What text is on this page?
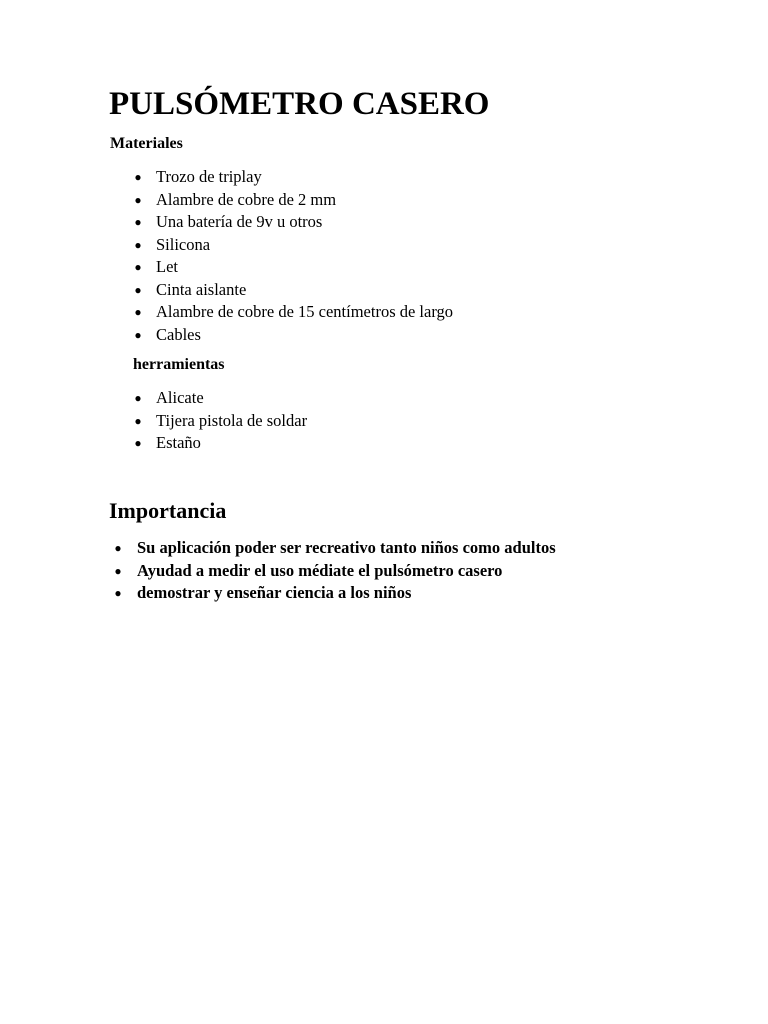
PULSÓMETRO CASERO

Materiales

● Trozo de triplay
● Alambre de cobre de 2 mm
● Una batería de 9v u otros
● Silicona
● Let
● Cinta aislante
● Alambre de cobre de 15 centímetros de largo
● Cables

herramientas

● Alicate
● Tijera pistola de soldar
● Estaño
Importancia
● Su aplicación poder ser recreativo tanto niños como adultos
● Ayudad a medir el uso médiate el pulsómetro casero
● demostrar y enseñar ciencia a los niños
